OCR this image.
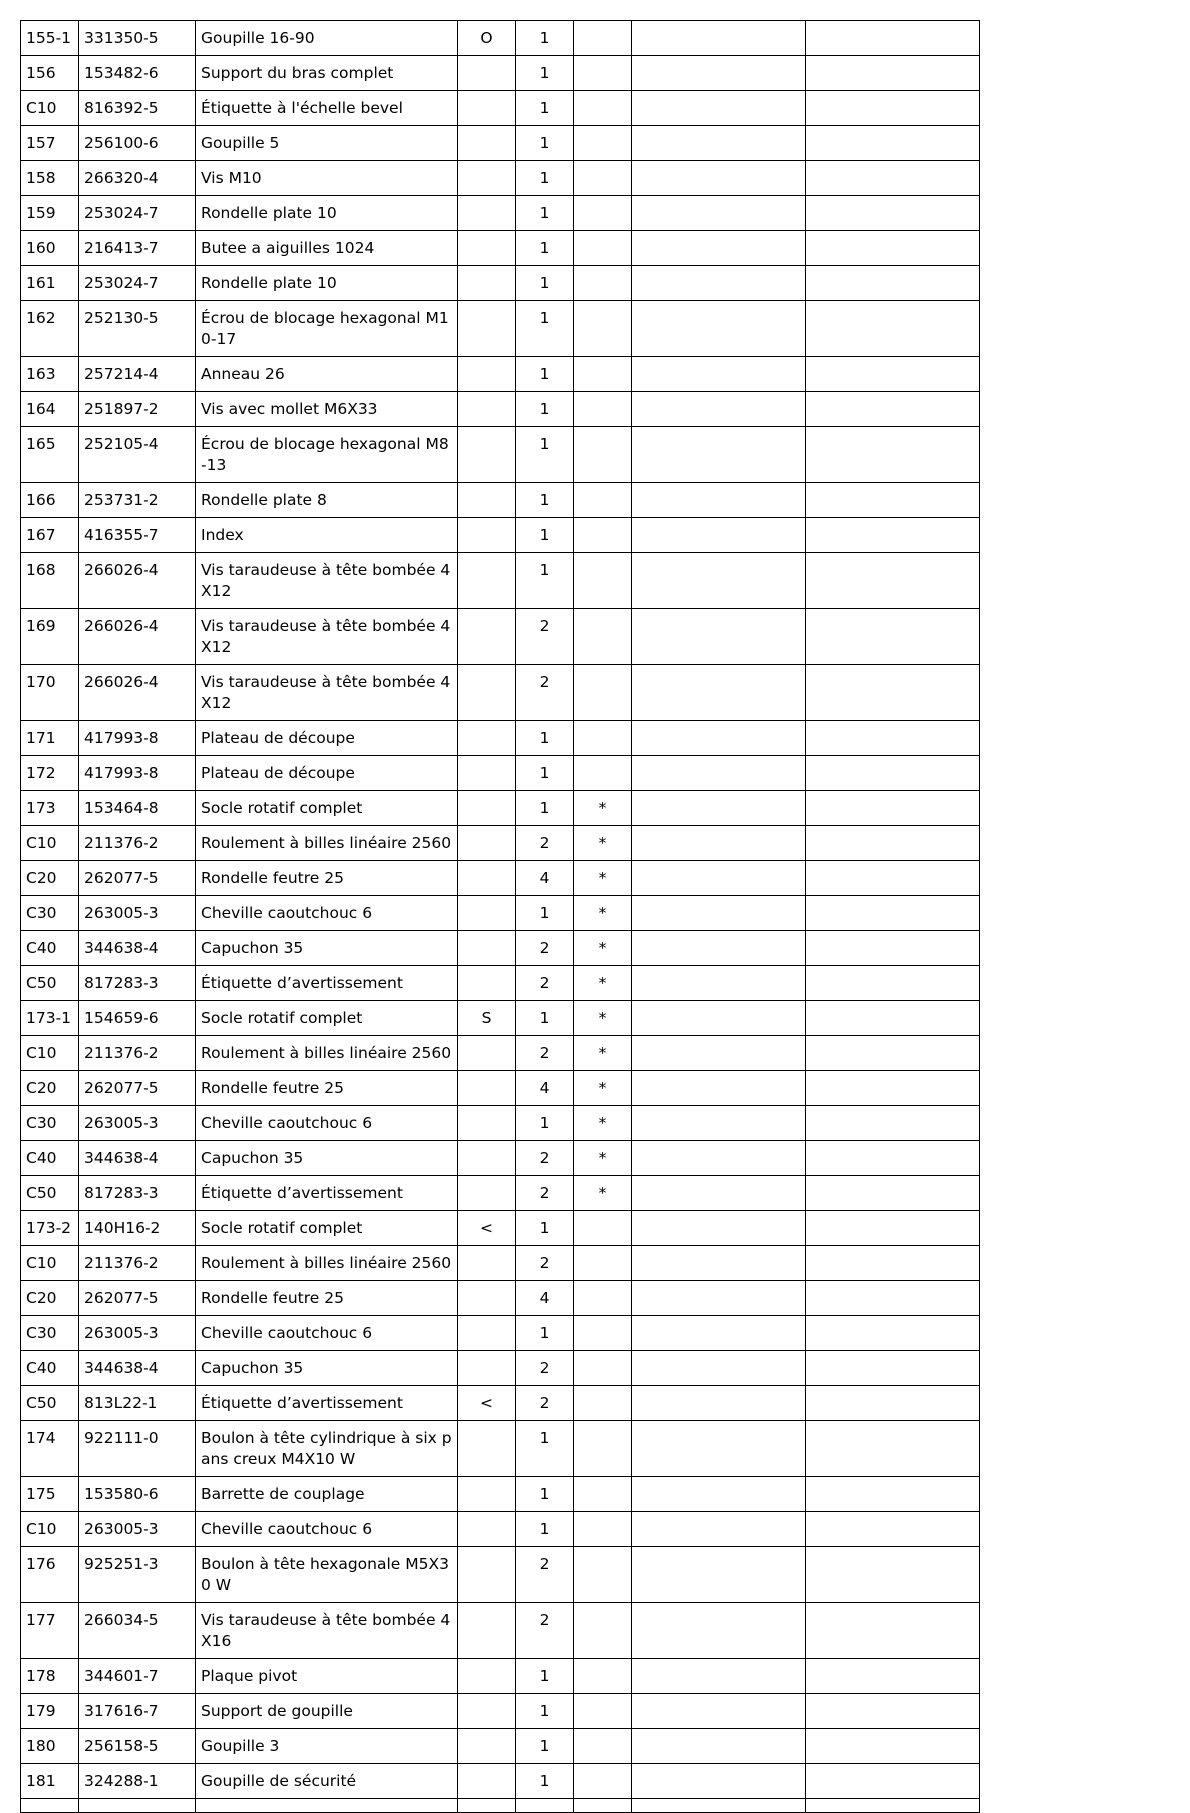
155-1	331350-5	Goupille 16-90	O	1			
156	153482-6	Support du bras complet		1			
C10	816392-5	Étiquette à l'échelle bevel		1			
157	256100-6	Goupille 5		1			
158	266320-4	Vis M10		1			
159	253024-7	Rondelle plate 10		1			
160	216413-7	Butee a aiguilles 1024		1			
161	253024-7	Rondelle plate 10		1			
162	252130-5	Écrou de blocage hexagonal M10-17		1			
163	257214-4	Anneau 26		1			
164	251897-2	Vis avec mollet M6X33		1			
165	252105-4	Écrou de blocage hexagonal M8-13		1			
166	253731-2	Rondelle plate 8		1			
167	416355-7	Index		1			
168	266026-4	Vis taraudeuse à tête bombée 4X12		1			
169	266026-4	Vis taraudeuse à tête bombée 4X12		2			
170	266026-4	Vis taraudeuse à tête bombée 4X12		2			
171	417993-8	Plateau de découpe		1			
172	417993-8	Plateau de découpe		1			
173	153464-8	Socle rotatif complet		1	*		
C10	211376-2	Roulement à billes linéaire 2560		2	*		
C20	262077-5	Rondelle feutre 25		4	*		
C30	263005-3	Cheville caoutchouc 6		1	*		
C40	344638-4	Capuchon 35		2	*		
C50	817283-3	Étiquette d’avertissement		2	*		
173-1	154659-6	Socle rotatif complet	S	1	*		
C10	211376-2	Roulement à billes linéaire 2560		2	*		
C20	262077-5	Rondelle feutre 25		4	*		
C30	263005-3	Cheville caoutchouc 6		1	*		
C40	344638-4	Capuchon 35		2	*		
C50	817283-3	Étiquette d’avertissement		2	*		
173-2	140H16-2	Socle rotatif complet	<	1			
C10	211376-2	Roulement à billes linéaire 2560		2			
C20	262077-5	Rondelle feutre 25		4			
C30	263005-3	Cheville caoutchouc 6		1			
C40	344638-4	Capuchon 35		2			
C50	813L22-1	Étiquette d’avertissement	<	2			
174	922111-0	Boulon à tête cylindrique à six pans creux M4X10 W		1			
175	153580-6	Barrette de couplage		1			
C10	263005-3	Cheville caoutchouc 6		1			
176	925251-3	Boulon à tête hexagonale M5X30 W		2			
177	266034-5	Vis taraudeuse à tête bombée 4X16		2			
178	344601-7	Plaque pivot		1			
179	317616-7	Support de goupille		1			
180	256158-5	Goupille 3		1			
181	324288-1	Goupille de sécurité		1			
